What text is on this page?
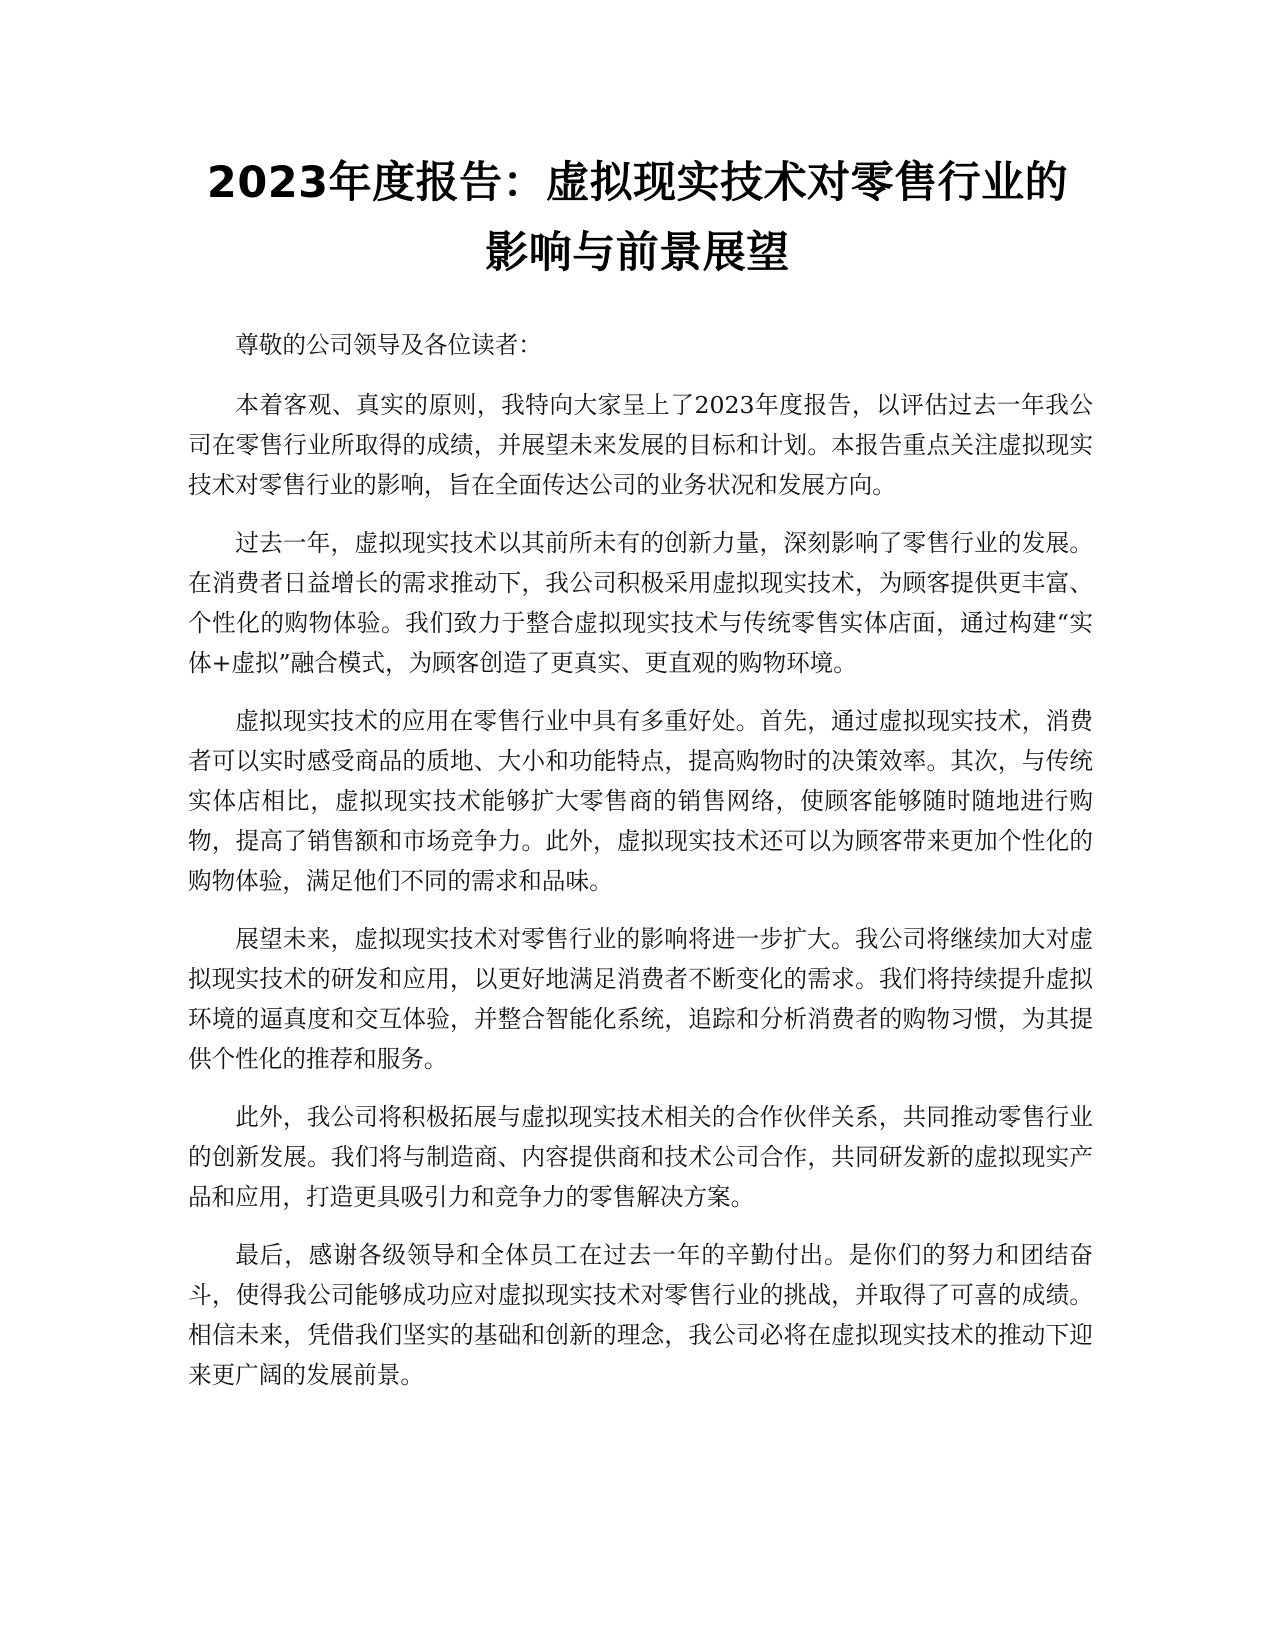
2023年度报告：虚拟现实技术对零售行业的
影响与前景展望

尊敬的公司领导及各位读者：

本着客观、真实的原则，我特向大家呈上了2023年度报告，以评估过去一年我公司在零售行业所取得的成绩，并展望未来发展的目标和计划。本报告重点关注虚拟现实技术对零售行业的影响，旨在全面传达公司的业务状况和发展方向。

过去一年，虚拟现实技术以其前所未有的创新力量，深刻影响了零售行业的发展。在消费者日益增长的需求推动下，我公司积极采用虚拟现实技术，为顾客提供更丰富、个性化的购物体验。我们致力于整合虚拟现实技术与传统零售实体店面，通过构建“实体+虚拟”融合模式，为顾客创造了更真实、更直观的购物环境。

虚拟现实技术的应用在零售行业中具有多重好处。首先，通过虚拟现实技术，消费者可以实时感受商品的质地、大小和功能特点，提高购物时的决策效率。其次，与传统实体店相比，虚拟现实技术能够扩大零售商的销售网络，使顾客能够随时随地进行购物，提高了销售额和市场竞争力。此外，虚拟现实技术还可以为顾客带来更加个性化的购物体验，满足他们不同的需求和品味。

展望未来，虚拟现实技术对零售行业的影响将进一步扩大。我公司将继续加大对虚拟现实技术的研发和应用，以更好地满足消费者不断变化的需求。我们将持续提升虚拟环境的逼真度和交互体验，并整合智能化系统，追踪和分析消费者的购物习惯，为其提供个性化的推荐和服务。

此外，我公司将积极拓展与虚拟现实技术相关的合作伙伴关系，共同推动零售行业的创新发展。我们将与制造商、内容提供商和技术公司合作，共同研发新的虚拟现实产品和应用，打造更具吸引力和竞争力的零售解决方案。

最后，感谢各级领导和全体员工在过去一年的辛勤付出。是你们的努力和团结奋斗，使得我公司能够成功应对虚拟现实技术对零售行业的挑战，并取得了可喜的成绩。相信未来，凭借我们坚实的基础和创新的理念，我公司必将在虚拟现实技术的推动下迎来更广阔的发展前景。
